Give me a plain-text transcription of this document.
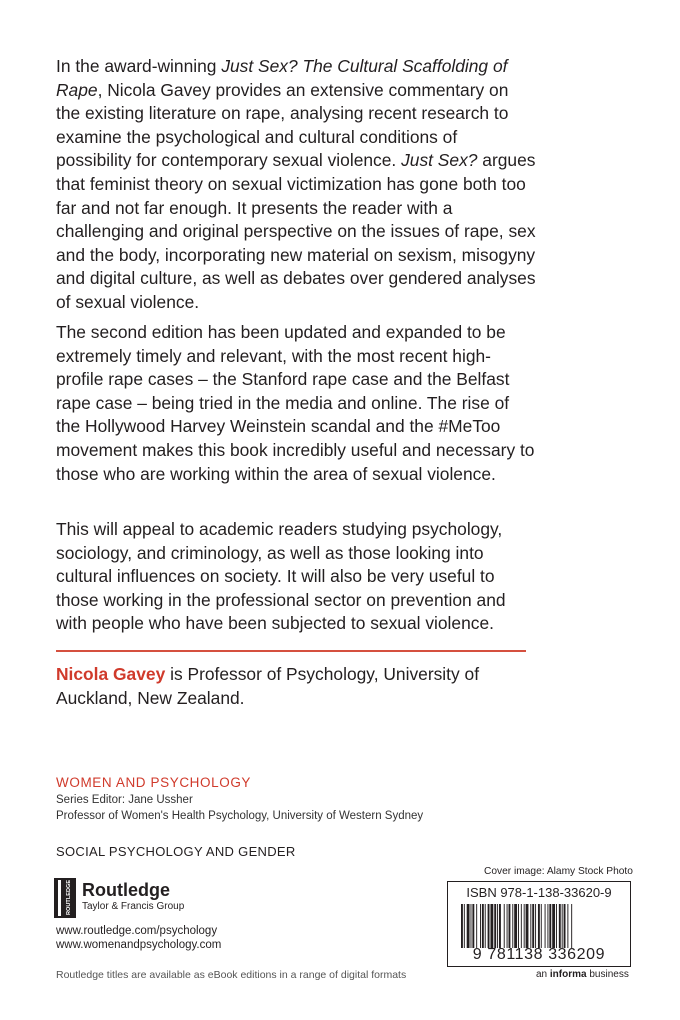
In the award-winning Just Sex? The Cultural Scaffolding of Rape, Nicola Gavey provides an extensive commentary on the existing literature on rape, analysing recent research to examine the psychological and cultural conditions of possibility for contemporary sexual violence. Just Sex? argues that feminist theory on sexual victimization has gone both too far and not far enough. It presents the reader with a challenging and original perspective on the issues of rape, sex and the body, incorporating new material on sexism, misogyny and digital culture, as well as debates over gendered analyses of sexual violence.

The second edition has been updated and expanded to be extremely timely and relevant, with the most recent high-profile rape cases – the Stanford rape case and the Belfast rape case – being tried in the media and online. The rise of the Hollywood Harvey Weinstein scandal and the #MeToo movement makes this book incredibly useful and necessary to those who are working within the area of sexual violence.

This will appeal to academic readers studying psychology, sociology, and criminology, as well as those looking into cultural influences on society. It will also be very useful to those working in the professional sector on prevention and with people who have been subjected to sexual violence.

Nicola Gavey is Professor of Psychology, University of Auckland, New Zealand.

WOMEN AND PSYCHOLOGY
Series Editor: Jane Ussher
Professor of Women's Health Psychology, University of Western Sydney
SOCIAL PSYCHOLOGY AND GENDER
ROUTLEDGE Routledge
Taylor & Francis Group
www.routledge.com/psychology
www.womenandpsychology.com
Routledge titles are available as eBook editions in a range of digital formats
Cover image: Alamy Stock Photo
ISBN 978-1-138-33620-9
9 781138 336209
an informa business
